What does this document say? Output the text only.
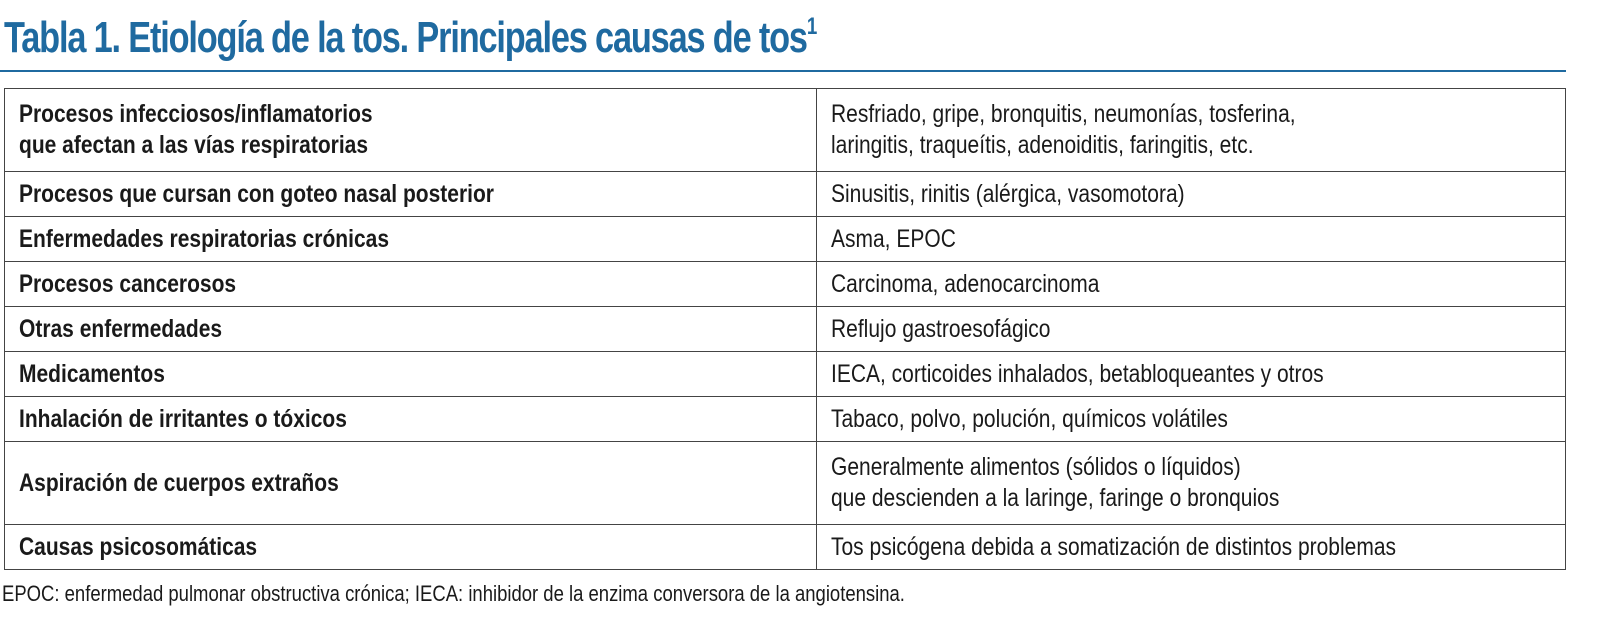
Tabla 1. Etiología de la tos. Principales causas de tos$^1$
Procesos infecciosos/inflamatorios
que afectan a las vías respiratorias	Resfriado, gripe, bronquitis, neumonías, tosferina,
laringitis, traqueítis, adenoiditis, faringitis, etc.

Procesos que cursan con goteo nasal posterior	Sinusitis, rinitis (alérgica, vasomotora)

Enfermedades respiratorias crónicas	Asma, EPOC

Procesos cancerosos	Carcinoma, adenocarcinoma

Otras enfermedades	Reflujo gastroesofágico

Medicamentos	IECA, corticoides inhalados, betabloqueantes y otros

Inhalación de irritantes o tóxicos	Tabaco, polvo, polución, químicos volátiles

Aspiración de cuerpos extraños	Generalmente alimentos (sólidos o líquidos)
que descienden a la laringe, faringe o bronquios

Causas psicosomáticas	Tos psicógena debida a somatización de distintos problemas

EPOC: enfermedad pulmonar obstructiva crónica; IECA: inhibidor de la enzima conversora de la angiotensina.
